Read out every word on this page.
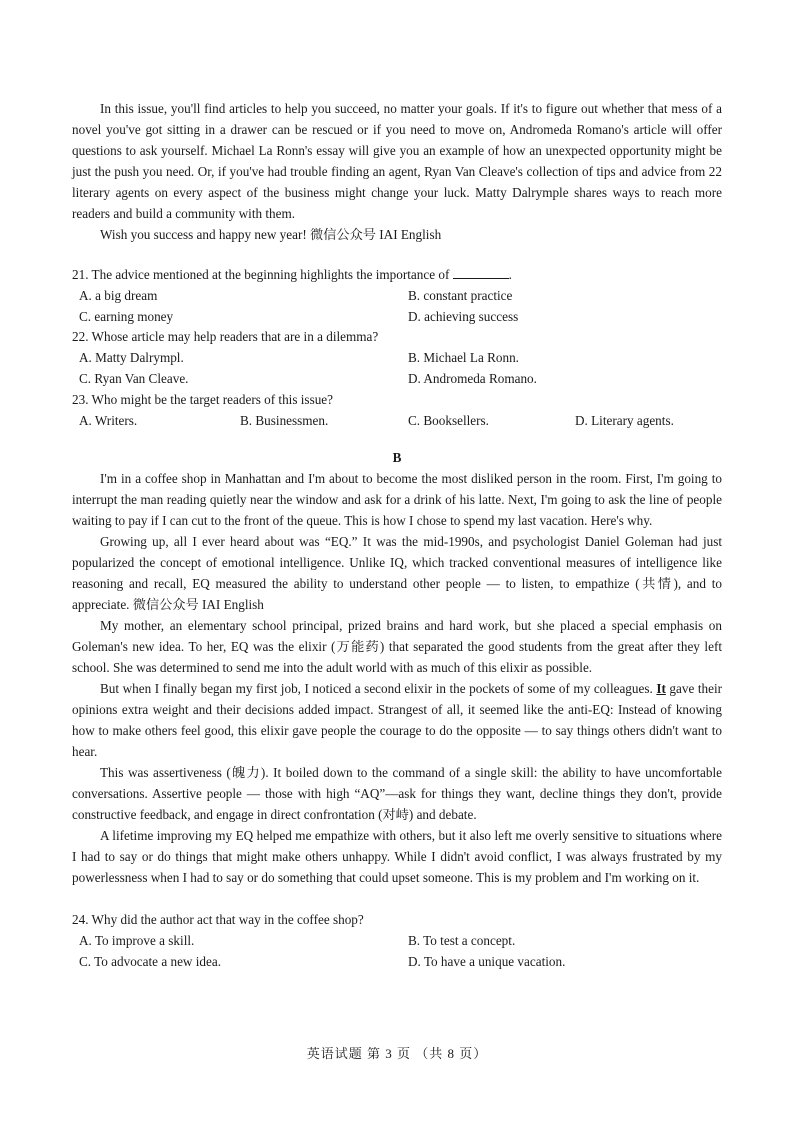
In this issue, you'll find articles to help you succeed, no matter your goals. If it's to figure out whether that mess of a novel you've got sitting in a drawer can be rescued or if you need to move on, Andromeda Romano's article will offer questions to ask yourself. Michael La Ronn's essay will give you an example of how an unexpected opportunity might be just the push you need. Or, if you've had trouble finding an agent, Ryan Van Cleave's collection of tips and advice from 22 literary agents on every aspect of the business might change your luck. Matty Dalrymple shares ways to reach more readers and build a community with them.

Wish you success and happy new year! 微信公众号 IAI English

21. The advice mentioned at the beginning highlights the importance of	.

A. a big dream	B. constant practice
C. earning money	D. achieving success

22. Whose article may help readers that are in a dilemma?

A. Matty Dalrympl.	B. Michael La Ronn.
C. Ryan Van Cleave.	D. Andromeda Romano.

23. Who might be the target readers of this issue?

A. Writers.	B. Businessmen.	C. Booksellers.	D. Literary agents.

B

I'm in a coffee shop in Manhattan and I'm about to become the most disliked person in the room. First, I'm going to interrupt the man reading quietly near the window and ask for a drink of his latte. Next, I'm going to ask the line of people waiting to pay if I can cut to the front of the queue. This is how I chose to spend my last vacation. Here's why.

Growing up, all I ever heard about was “EQ.” It was the mid-1990s, and psychologist Daniel Goleman had just popularized the concept of emotional intelligence. Unlike IQ, which tracked conventional measures of intelligence like reasoning and recall, EQ measured the ability to understand other people — to listen, to empathize (共情), and to appreciate. 微信公众号 IAI English

My mother, an elementary school principal, prized brains and hard work, but she placed a special emphasis on Goleman's new idea. To her, EQ was the elixir (万能药) that separated the good students from the great after they left school. She was determined to send me into the adult world with as much of this elixir as possible.

But when I finally began my first job, I noticed a second elixir in the pockets of some of my colleagues. It gave their opinions extra weight and their decisions added impact. Strangest of all, it seemed like the anti-EQ: Instead of knowing how to make others feel good, this elixir gave people the courage to do the opposite — to say things others didn't want to hear.

This was assertiveness (魄力). It boiled down to the command of a single skill: the ability to have uncomfortable conversations. Assertive people — those with high “AQ”—ask for things they want, decline things they don't, provide constructive feedback, and engage in direct confrontation (对峙) and debate.

A lifetime improving my EQ helped me empathize with others, but it also left me overly sensitive to situations where I had to say or do things that might make others unhappy. While I didn't avoid conflict, I was always frustrated by my powerlessness when I had to say or do something that could upset someone. This is my problem and I'm working on it.

24. Why did the author act that way in the coffee shop?

A. To improve a skill.	B. To test a concept.
C. To advocate a new idea.	D. To have a unique vacation.
英语试题 第 3 页 （共 8 页）
